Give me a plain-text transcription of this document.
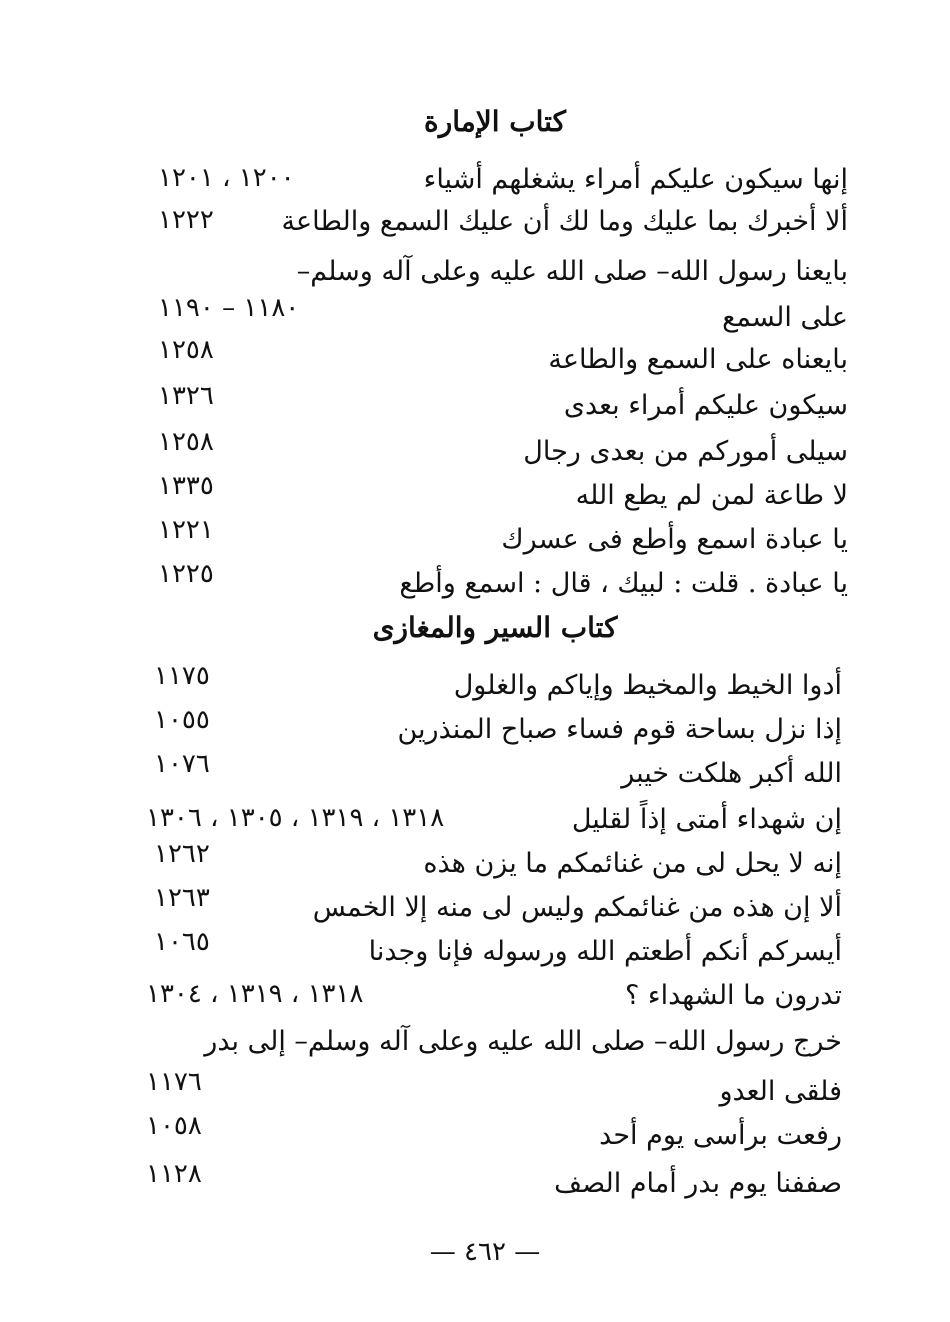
كتاب الإمارة
إنها سيكون عليكم أمراء يشغلهم أشياء
١٢٠٠ ، ١٢٠١
ألا أخبرك بما عليك وما لك أن عليك السمع والطاعة
١٢٢٢
بايعنا رسول الله– صلى الله عليه وعلى آله وسلم–
على السمع
١١٨٠ – ١١٩٠
بايعناه على السمع والطاعة
١٢٥٨
سيكون عليكم أمراء بعدى
١٣٢٦
سيلى أموركم من بعدى رجال
١٢٥٨
لا طاعة لمن لم يطع الله
١٣٣٥
يا عبادة اسمع وأطع فى عسرك
١٢٢١
يا عبادة . قلت : لبيك ، قال : اسمع وأطع
١٢٢٥
كتاب السير والمغازى
أدوا الخيط والمخيط وإياكم والغلول
١١٧٥
إذا نزل بساحة قوم فساء صباح المنذرين
١٠٥٥
الله أكبر هلكت خيبر
١٠٧٦
إن شهداء أمتى إذاً لقليل
١٣١٨ ، ١٣١٩ ، ١٣٠٥ ، ١٣٠٦
إنه لا يحل لى من غنائمكم ما يزن هذه
١٢٦٢
ألا إن هذه من غنائمكم وليس لى منه إلا الخمس
١٢٦٣
أيسركم أنكم أطعتم الله ورسوله فإنا وجدنا
١٠٦٥
تدرون ما الشهداء ؟
١٣١٨ ، ١٣١٩ ، ١٣٠٤
خرج رسول الله– صلى الله عليه وعلى آله وسلم– إلى بدر
فلقى العدو
١١٧٦
رفعت برأسى يوم أحد
١٠٥٨
صففنا يوم بدر أمام الصف
١١٢٨
— ٤٦٢ —
